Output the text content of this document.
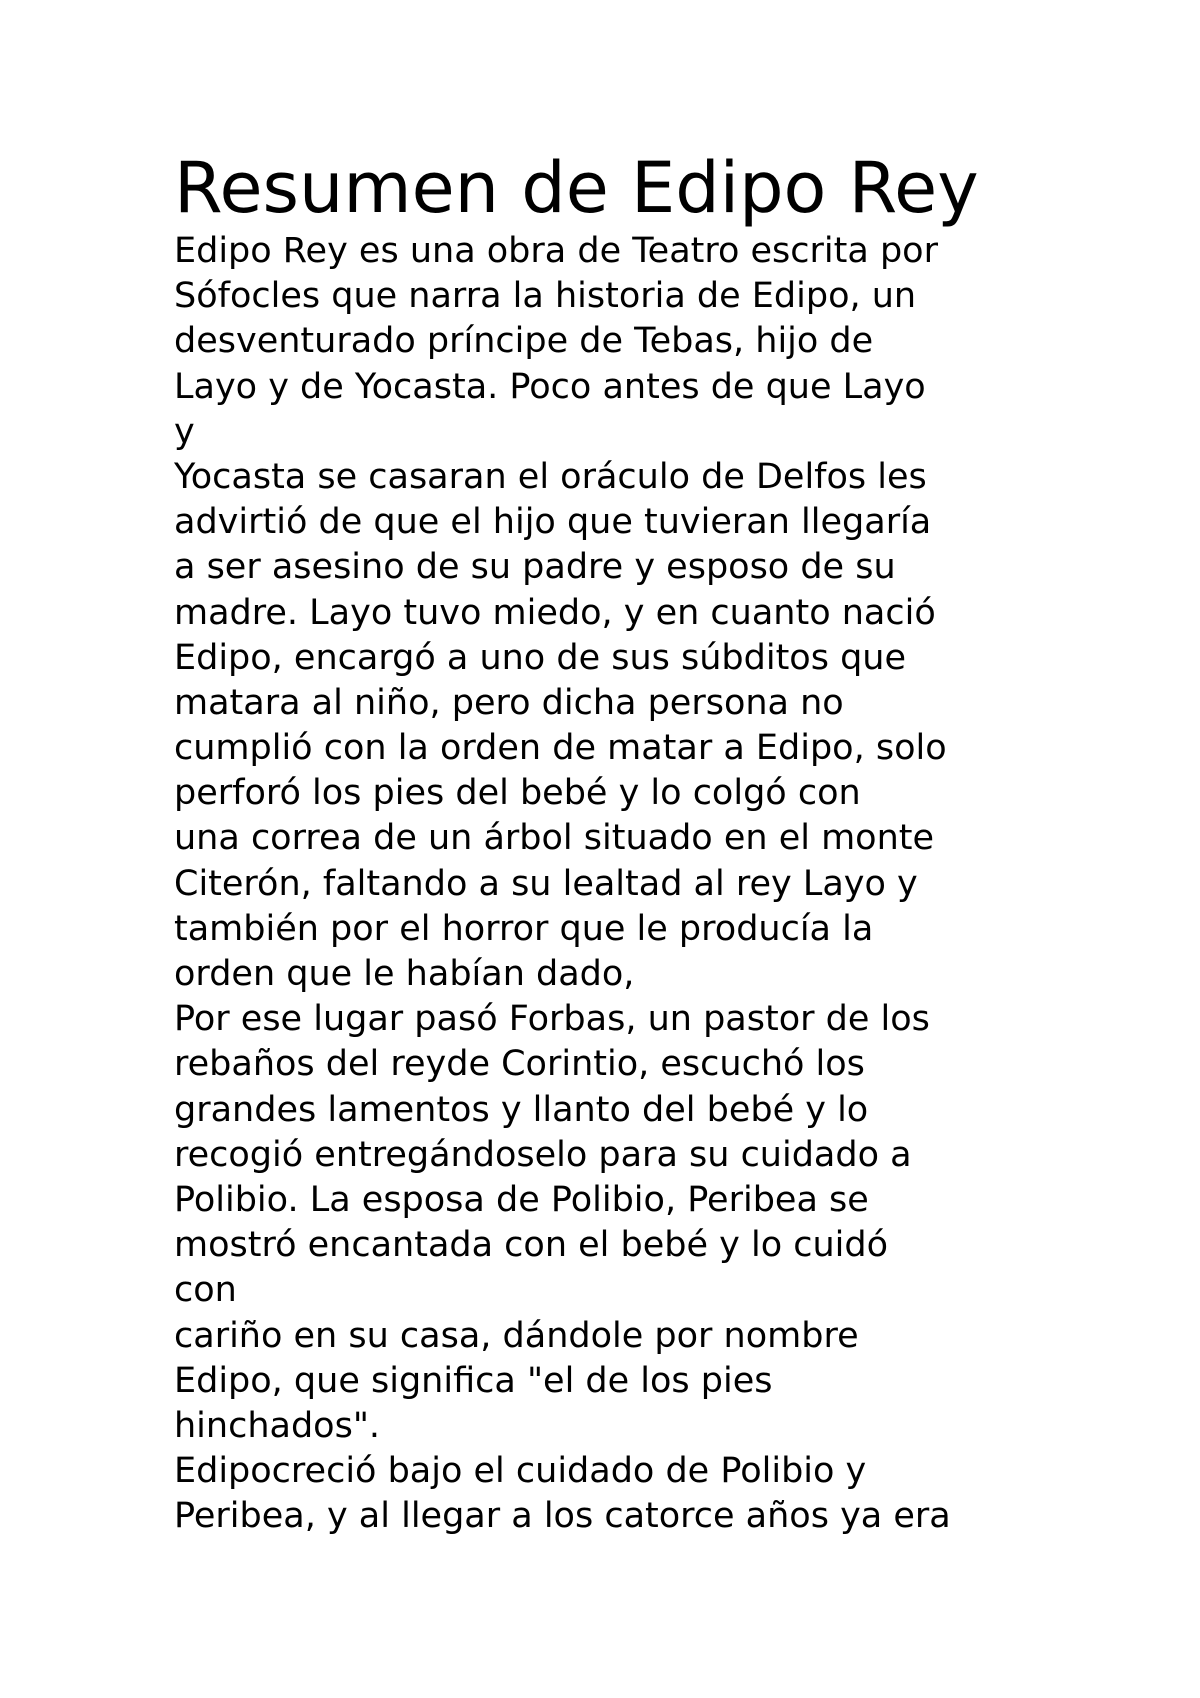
Resumen de Edipo Rey
Edipo Rey es una obra de Teatro escrita por
Sófocles que narra la historia de Edipo, un
desventurado príncipe de Tebas, hijo de
Layo y de Yocasta. Poco antes de que Layo
y
Yocasta se casaran el oráculo de Delfos les
advirtió de que el hijo que tuvieran llegaría
a ser asesino de su padre y esposo de su
madre. Layo tuvo miedo, y en cuanto nació
Edipo, encargó a uno de sus súbditos que
matara al niño, pero dicha persona no
cumplió con la orden de matar a Edipo, solo
perforó los pies del bebé y lo colgó con
una correa de un árbol situado en el monte
Citerón, faltando a su lealtad al rey Layo y
también por el horror que le producía la
orden que le habían dado,
Por ese lugar pasó Forbas, un pastor de los
rebaños del reyde Corintio, escuchó los
grandes lamentos y llanto del bebé y lo
recogió entregándoselo para su cuidado a
Polibio. La esposa de Polibio, Peribea se
mostró encantada con el bebé y lo cuidó
con
cariño en su casa, dándole por nombre
Edipo, que significa "el de los pies
hinchados".
Edipocreció bajo el cuidado de Polibio y
Peribea, y al llegar a los catorce años ya era
